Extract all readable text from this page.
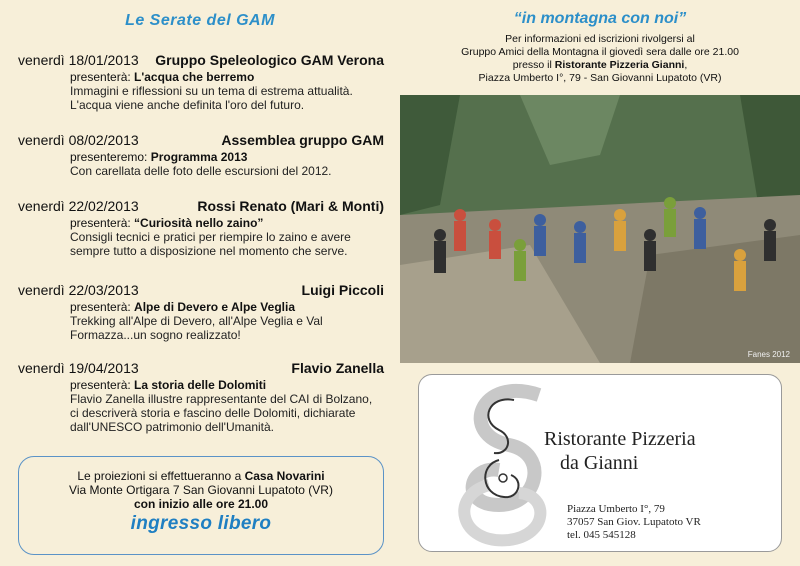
Le Serate del GAM
venerdì 18/01/2013 Gruppo Speleologico GAM Verona
presenterà: L'acqua che berremo
Immagini e riflessioni su un tema di estrema attualità.
L'acqua viene anche definita l'oro del futuro.
venerdì 08/02/2013	Assemblea gruppo GAM
presenteremo: Programma 2013
Con carellata delle foto delle escursioni del 2012.
venerdì 22/02/2013	Rossi Renato (Mari & Monti)
presenterà: “Curiosità nello zaino”
Consigli tecnici e pratici per riempire lo zaino e avere
sempre tutto a disposizione nel momento che serve.
venerdì 22/03/2013	Luigi Piccoli
presenterà: Alpe di Devero e Alpe Veglia
Trekking all'Alpe di Devero, all'Alpe Veglia e Val
Formazza...un sogno realizzato!
venerdì 19/04/2013	Flavio Zanella
presenterà: La storia delle Dolomiti
Flavio Zanella illustre rappresentante del CAI di Bolzano,
ci descriverà storia e fascino delle Dolomiti, dichiarate
dall'UNESCO patrimonio dell'Umanità.
Le proiezioni si effettueranno a Casa Novarini
Via Monte Ortigara 7 San Giovanni Lupatoto (VR)
con inizio alle ore 21.00
ingresso libero
“in montagna con noi”
Per informazioni ed iscrizioni rivolgersi al
Gruppo Amici della Montagna il giovedì sera dalle ore 21.00
presso il Ristorante Pizzeria Gianni,
Piazza Umberto I°, 79 - San Giovanni Lupatoto (VR)
Fanes 2012
Ristorante Pizzeria
da Gianni
Piazza Umberto I°, 79
37057 San Giov. Lupatoto VR
tel. 045 545128
